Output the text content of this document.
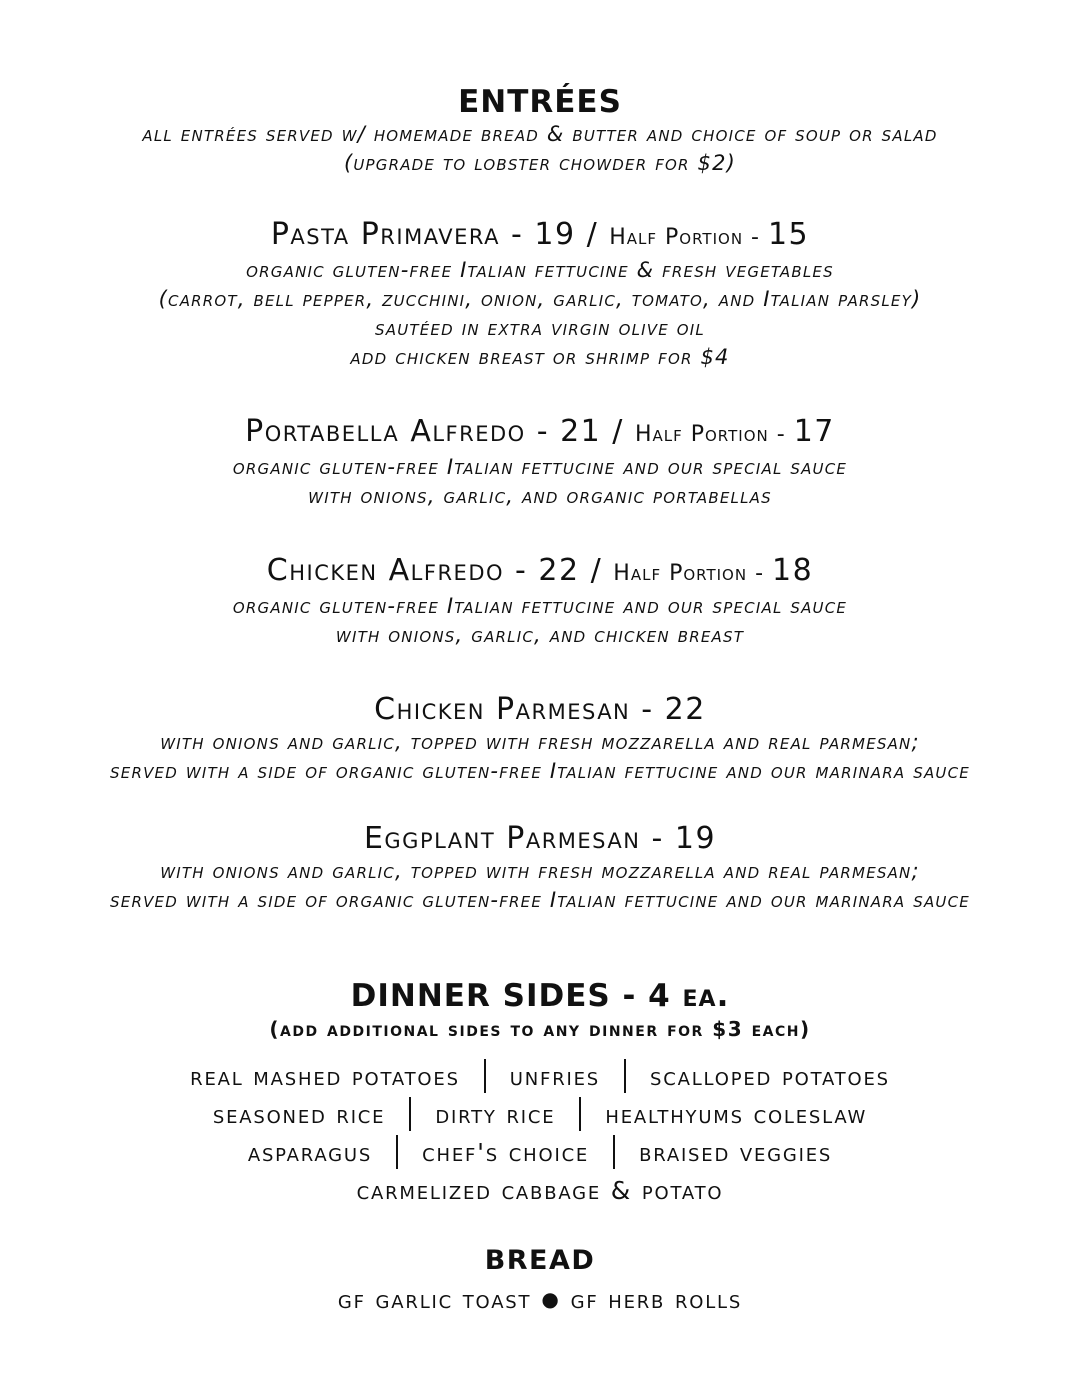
ENTRÉES

all entrées served w/ homemade bread & butter and choice of soup or salad

(upgrade to lobster chowder for $2)

Pasta Primavera - 19 / Half Portion - 15

organic gluten-free Italian fettucine & fresh vegetables

(carrot, bell pepper, zucchini, onion, garlic, tomato, and Italian parsley)

sautéed in extra virgin olive oil

add chicken breast or shrimp for $4

Portabella Alfredo - 21 / Half Portion - 17

organic gluten-free Italian fettucine and our special sauce

with onions, garlic, and organic portabellas

Chicken Alfredo - 22 / Half Portion - 18

organic gluten-free Italian fettucine and our special sauce

with onions, garlic, and chicken breast

Chicken Parmesan - 22

with onions and garlic, topped with fresh mozzarella and real parmesan;

served with a side of organic gluten-free Italian fettucine and our marinara sauce

Eggplant Parmesan - 19

with onions and garlic, topped with fresh mozzarella and real parmesan;

served with a side of organic gluten-free Italian fettucine and our marinara sauce

DINNER SIDES - 4 ea.

(add additional sides to any dinner for $3 each)

real mashed potatoes unfries scalloped potatoes

seasoned rice dirty rice healthyums coleslaw

asparagus chef's choice braised veggies

carmelized cabbage & potato

BREAD

gf garlic toast ● gf herb rolls
